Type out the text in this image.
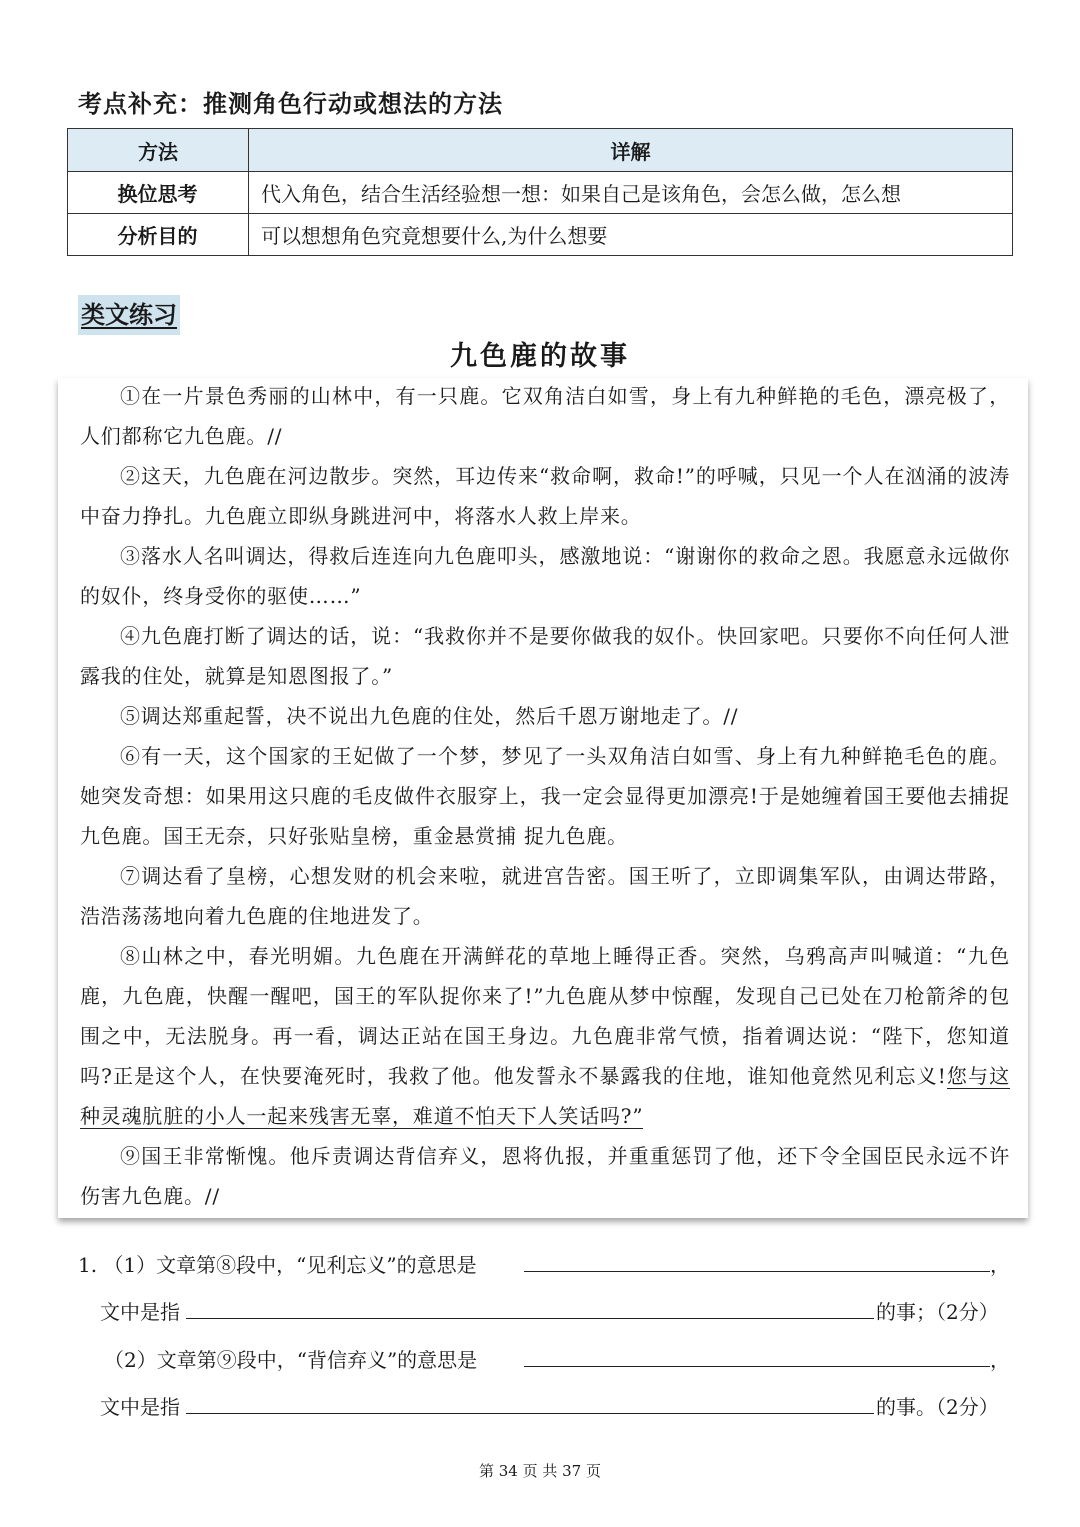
考点补充：推测角色行动或想法的方法
方法	详解
换位思考	代入角色，结合生活经验想一想：如果自己是该角色，会怎么做，怎么想
分析目的	可以想想角色究竟想要什么,为什么想要
类文练习
九色鹿的故事

①在一片景色秀丽的山林中，有一只鹿。它双角洁白如雪，身上有九种鲜艳的毛色，漂亮极了，人们都称它九色鹿。//

②这天，九色鹿在河边散步。突然，耳边传来“救命啊，救命!”的呼喊，只见一个人在汹涌的波涛中奋力挣扎。九色鹿立即纵身跳进河中，将落水人救上岸来。

③落水人名叫调达，得救后连连向九色鹿叩头，感激地说：“谢谢你的救命之恩。我愿意永远做你的奴仆，终身受你的驱使……”

④九色鹿打断了调达的话，说：“我救你并不是要你做我的奴仆。快回家吧。只要你不向任何人泄露我的住处，就算是知恩图报了。”

⑤调达郑重起誓，决不说出九色鹿的住处，然后千恩万谢地走了。//

⑥有一天，这个国家的王妃做了一个梦，梦见了一头双角洁白如雪、身上有九种鲜艳毛色的鹿。她突发奇想：如果用这只鹿的毛皮做件衣服穿上，我一定会显得更加漂亮!于是她缠着国王要他去捕捉九色鹿。国王无奈，只好张贴皇榜，重金悬赏捕 捉九色鹿。

⑦调达看了皇榜，心想发财的机会来啦，就进宫告密。国王听了，立即调集军队，由调达带路，浩浩荡荡地向着九色鹿的住地进发了。

⑧山林之中，春光明媚。九色鹿在开满鲜花的草地上睡得正香。突然，乌鸦高声叫喊道：“九色鹿，九色鹿，快醒一醒吧，国王的军队捉你来了!”九色鹿从梦中惊醒，发现自己已处在刀枪箭斧的包围之中，无法脱身。再一看，调达正站在国王身边。九色鹿非常气愤，指着调达说：“陛下，您知道吗?正是这个人，在快要淹死时，我救了他。他发誓永不暴露我的住地，谁知他竟然见利忘义!您与这种灵魂肮脏的小人一起来残害无辜，难道不怕天下人笑话吗?”

⑨国王非常惭愧。他斥责调达背信弃义，恩将仇报，并重重惩罚了他，还下令全国臣民永远不许伤害九色鹿。//

1. （1）文章第⑧段中，“见利忘义”的意思是	，
文中是指	的事；（2分）
（2）文章第⑨段中，“背信弃义”的意思是	，
文中是指	的事。（2分）
第 34 页 共 37 页
